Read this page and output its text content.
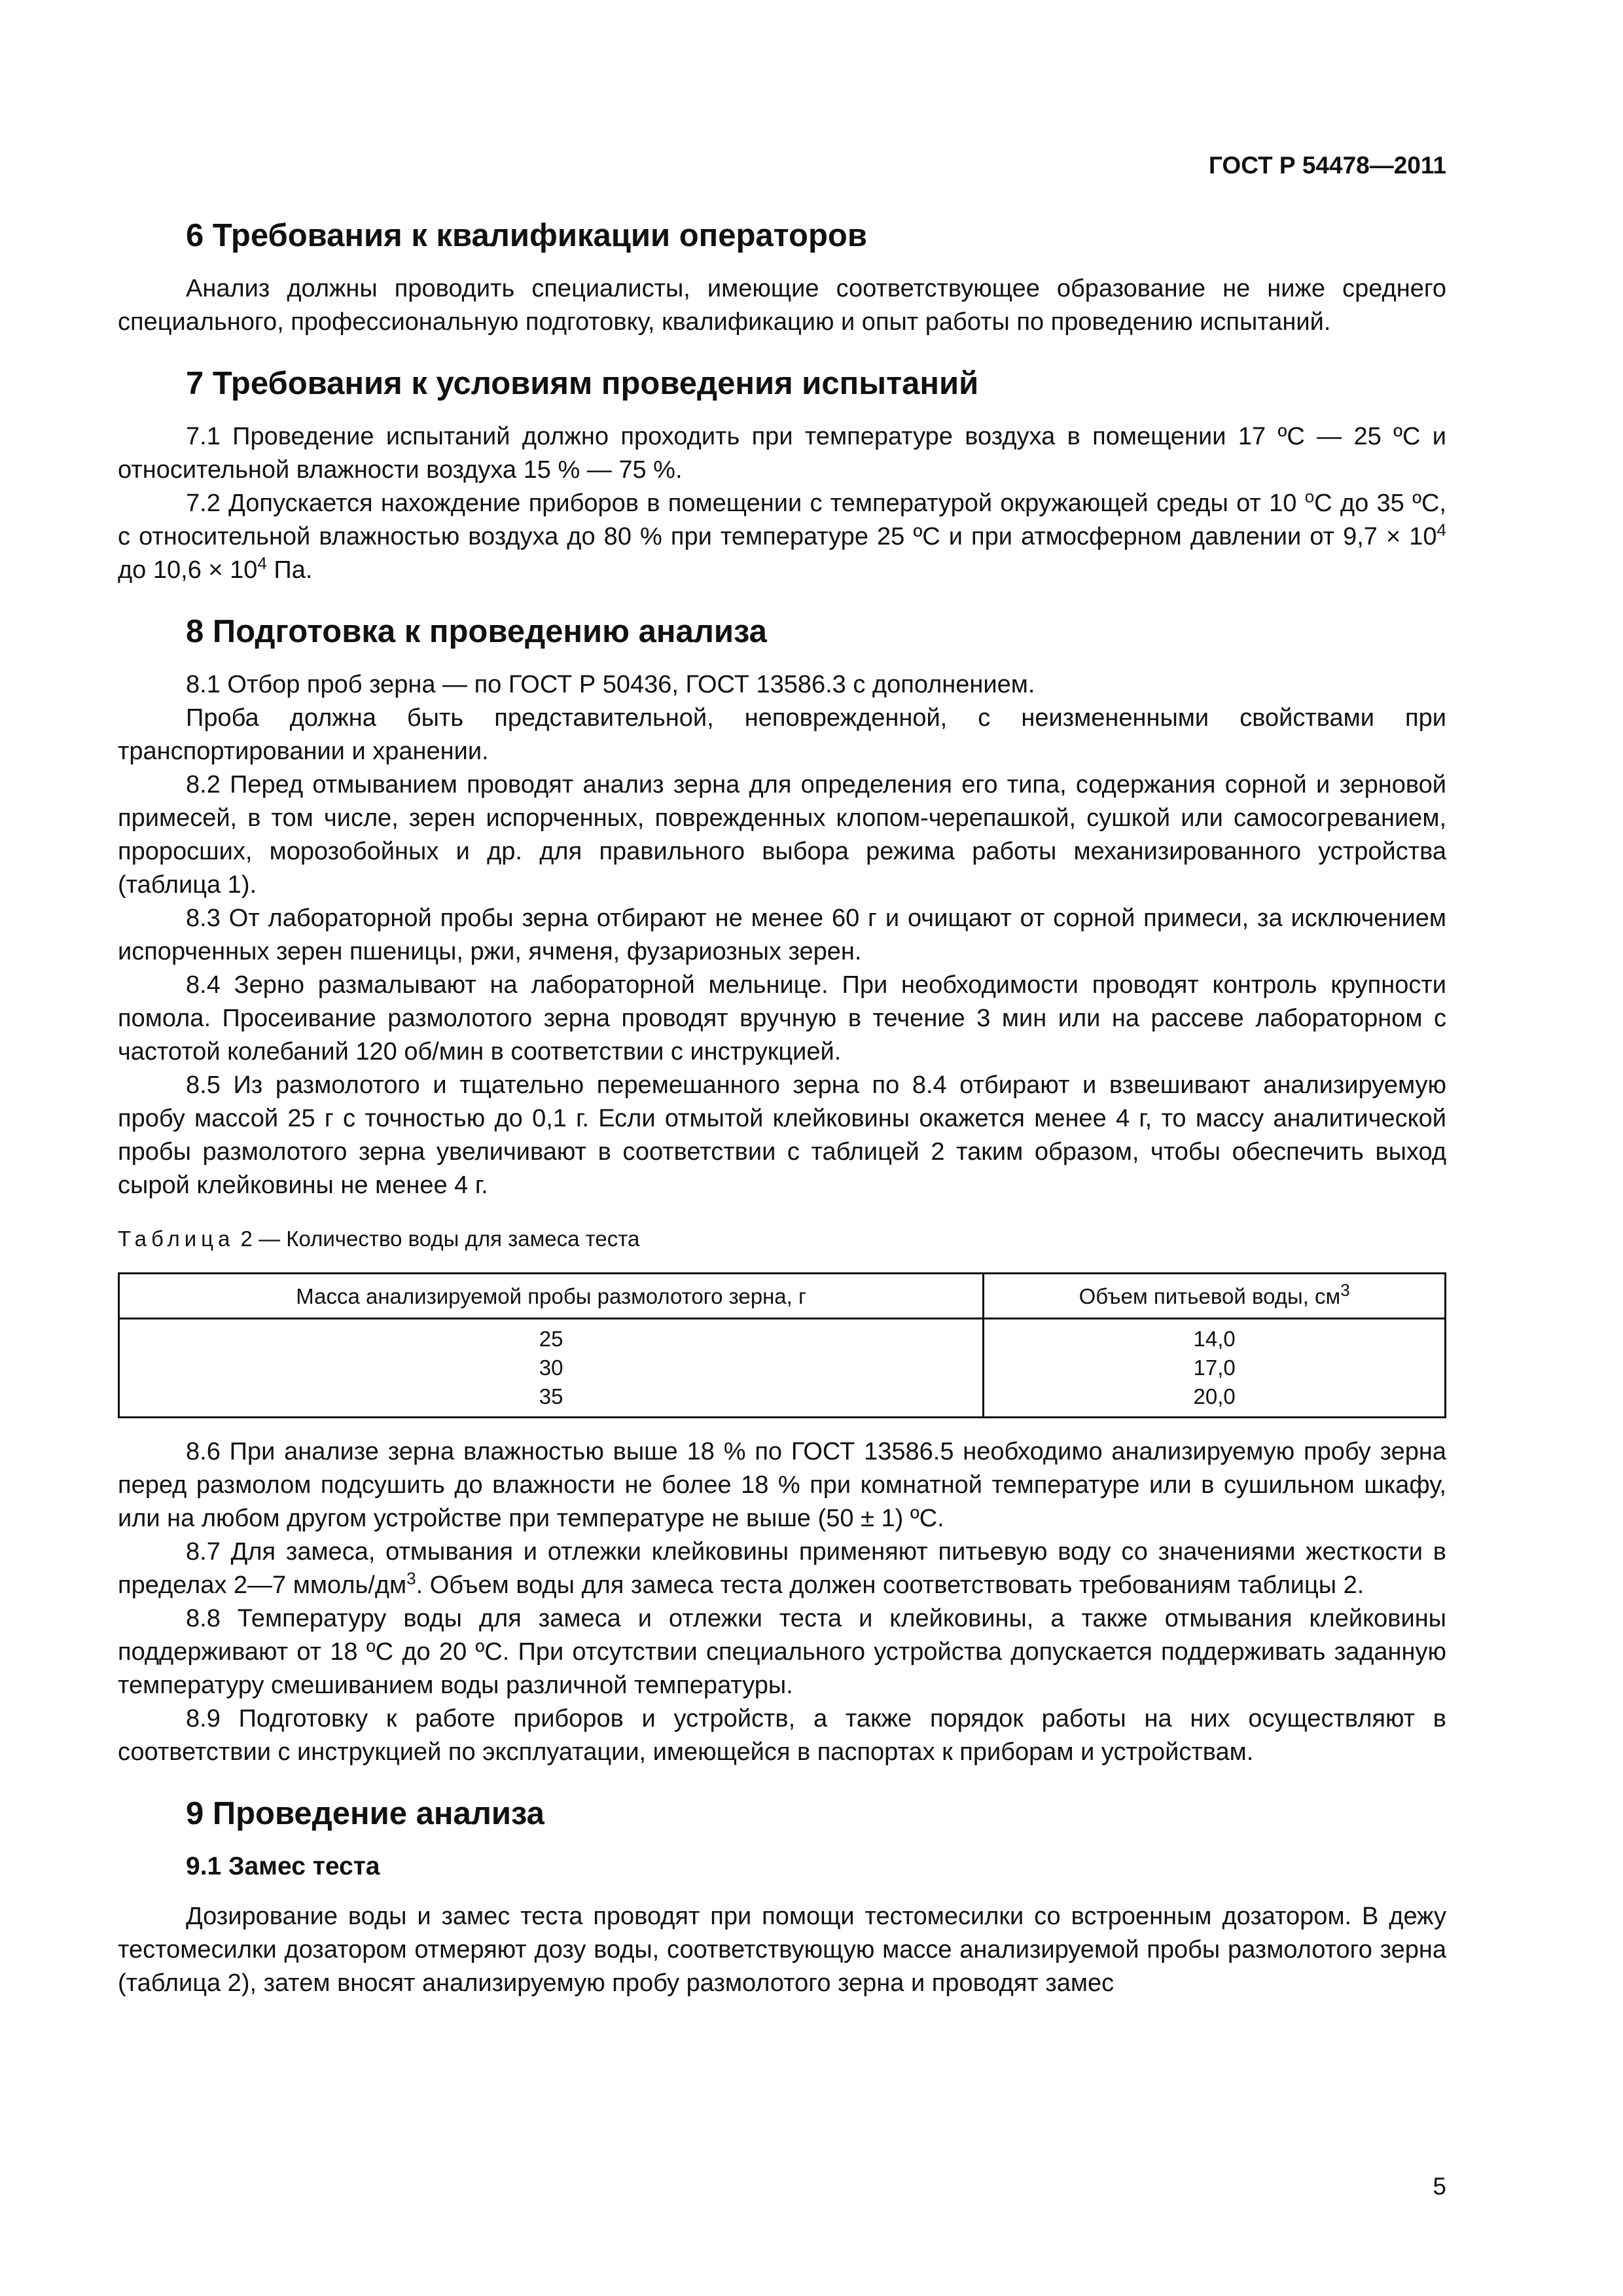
ГОСТ Р 54478—2011
6 Требования к квалификации операторов

Анализ должны проводить специалисты, имеющие соответствующее образование не ниже среднего специального, профессиональную подготовку, квалификацию и опыт работы по проведению испытаний.

7 Требования к условиям проведения испытаний

7.1 Проведение испытаний должно проходить при температуре воздуха в помещении 17 ºС — 25 ºС и относительной влажности воздуха 15 % — 75 %.

7.2 Допускается нахождение приборов в помещении с температурой окружающей среды от 10 $^о$С до 35 ºС, с относительной влажностью воздуха до 80 % при температуре 25 ºС и при атмосферном давлении от $9,7 \times 10^4$ до $10,6 \times 10^4$ Па.

8 Подготовка к проведению анализа

8.1 Отбор проб зерна — по ГОСТ Р 50436, ГОСТ 13586.3 с дополнением.

Проба должна быть представительной, неповрежденной, с неизмененными свойствами при транспортировании и хранении.

8.2 Перед отмыванием проводят анализ зерна для определения его типа, содержания сорной и зерновой примесей, в том числе, зерен испорченных, поврежденных клопом-черепашкой, сушкой или самосогреванием, проросших, морозобойных и др. для правильного выбора режима работы механизированного устройства (таблица 1).

8.3 От лабораторной пробы зерна отбирают не менее 60 г и очищают от сорной примеси, за исключением испорченных зерен пшеницы, ржи, ячменя, фузариозных зерен.

8.4 Зерно размалывают на лабораторной мельнице. При необходимости проводят контроль крупности помола. Просеивание размолотого зерна проводят вручную в течение 3 мин или на рассеве лабораторном с частотой колебаний 120 об/мин в соответствии с инструкцией.

8.5 Из размолотого и тщательно перемешанного зерна по 8.4 отбирают и взвешивают анализируемую пробу массой 25 г с точностью до 0,1 г. Если отмытой клейковины окажется менее 4 г, то массу аналитической пробы размолотого зерна увеличивают в соответствии с таблицей 2 таким образом, чтобы обеспечить выход сырой клейковины не менее 4 г.

Таблица 2 — Количество воды для замеса теста
Масса анализируемой пробы размолотого зерна, г	Объем питьевой воды, $см^3$
25	14,0
30	17,0
35	20,0

8.6 При анализе зерна влажностью выше 18 % по ГОСТ 13586.5 необходимо анализируемую пробу зерна перед размолом подсушить до влажности не более 18 % при комнатной температуре или в сушильном шкафу, или на любом другом устройстве при температуре не выше (50 ± 1) ºС.

8.7 Для замеса, отмывания и отлежки клейковины применяют питьевую воду со значениями жесткости в пределах 2—7 ммоль/$дм^3$. Объем воды для замеса теста должен соответствовать требованиям таблицы 2.

8.8 Температуру воды для замеса и отлежки теста и клейковины, а также отмывания клейковины поддерживают от 18 ºС до 20 ºС. При отсутствии специального устройства допускается поддерживать заданную температуру смешиванием воды различной температуры.

8.9 Подготовку к работе приборов и устройств, а также порядок работы на них осуществляют в соответствии с инструкцией по эксплуатации, имеющейся в паспортах к приборам и устройствам.

9 Проведение анализа
9.1 Замес теста

Дозирование воды и замес теста проводят при помощи тестомесилки со встроенным дозатором. В дежу тестомесилки дозатором отмеряют дозу воды, соответствующую массе анализируемой пробы размолотого зерна (таблица 2), затем вносят анализируемую пробу размолотого зерна и проводят замес

5
